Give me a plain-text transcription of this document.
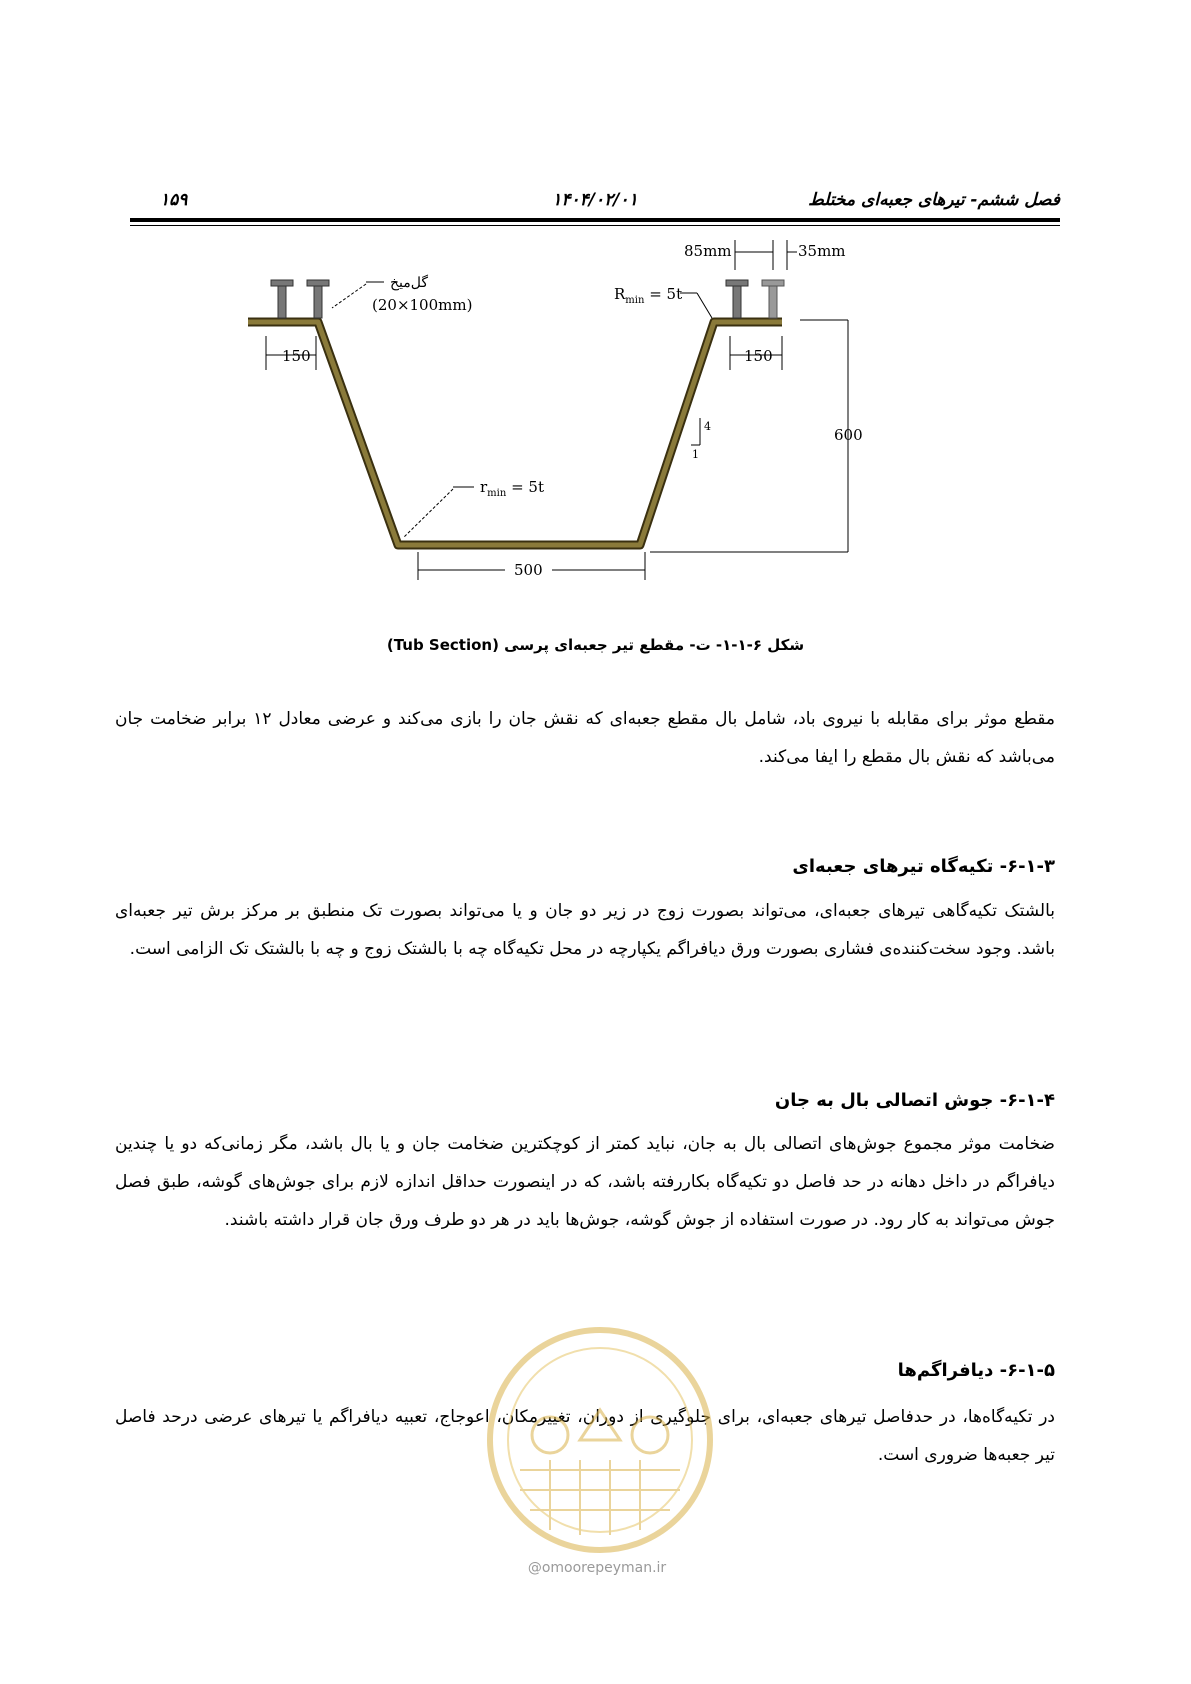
فصل ششم- تیرهای جعبه‌ای مختلط
۱۴۰۴/۰۲/۰۱
۱۵۹
گل‌میخ
(20×100mm)
85mm	35mm
$R_{min} = 5t$
150	150
600
4
1
$r_{min} = 5t$
500
شکل ۶-۱-۱- ت- مقطع تیر جعبه‌ای پرسی (Tub Section)
مقطع موثر برای مقابله با نیروی باد، شامل بال مقطع جعبه‌ای که نقش جان را بازی می‌کند و عرضی معادل ۱۲ برابر ضخامت جان می‌باشد که نقش بال مقطع را ایفا می‌کند.
۶-۱-۳- تکیه‌گاه تیرهای جعبه‌ای
بالشتک تکیه‌گاهی تیرهای جعبه‌ای، می‌تواند بصورت زوج در زیر دو جان و یا می‌تواند بصورت تک منطبق بر مرکز برش تیر جعبه‌ای باشد. وجود سخت‌کننده‌ی فشاری بصورت ورق دیافراگم یکپارچه در محل تکیه‌گاه چه با بالشتک زوج و چه با بالشتک تک الزامی است.
۶-۱-۴- جوش اتصالی بال به جان
ضخامت موثر مجموع جوش‌های اتصالی بال به جان، نباید کمتر از کوچکترین ضخامت جان و یا بال باشد، مگر زمانی‌که دو یا چندین دیافراگم در داخل دهانه در حد فاصل دو تکیه‌گاه بکاررفته باشد، که در اینصورت حداقل اندازه لازم برای جوش‌های گوشه، طبق فصل جوش می‌تواند به کار رود. در صورت استفاده از جوش گوشه، جوش‌ها باید در هر دو طرف ورق جان قرار داشته باشند.
۶-۱-۵- دیافراگم‌ها
در تکیه‌گاه‌ها، در حدفاصل تیرهای جعبه‌ای، برای جلوگیری از دوران، تغییرمکان، اعوجاج، تعبیه دیافراگم یا تیرهای عرضی درحد فاصل تیر جعبه‌ها ضروری است.
@omoorepeyman.ir
